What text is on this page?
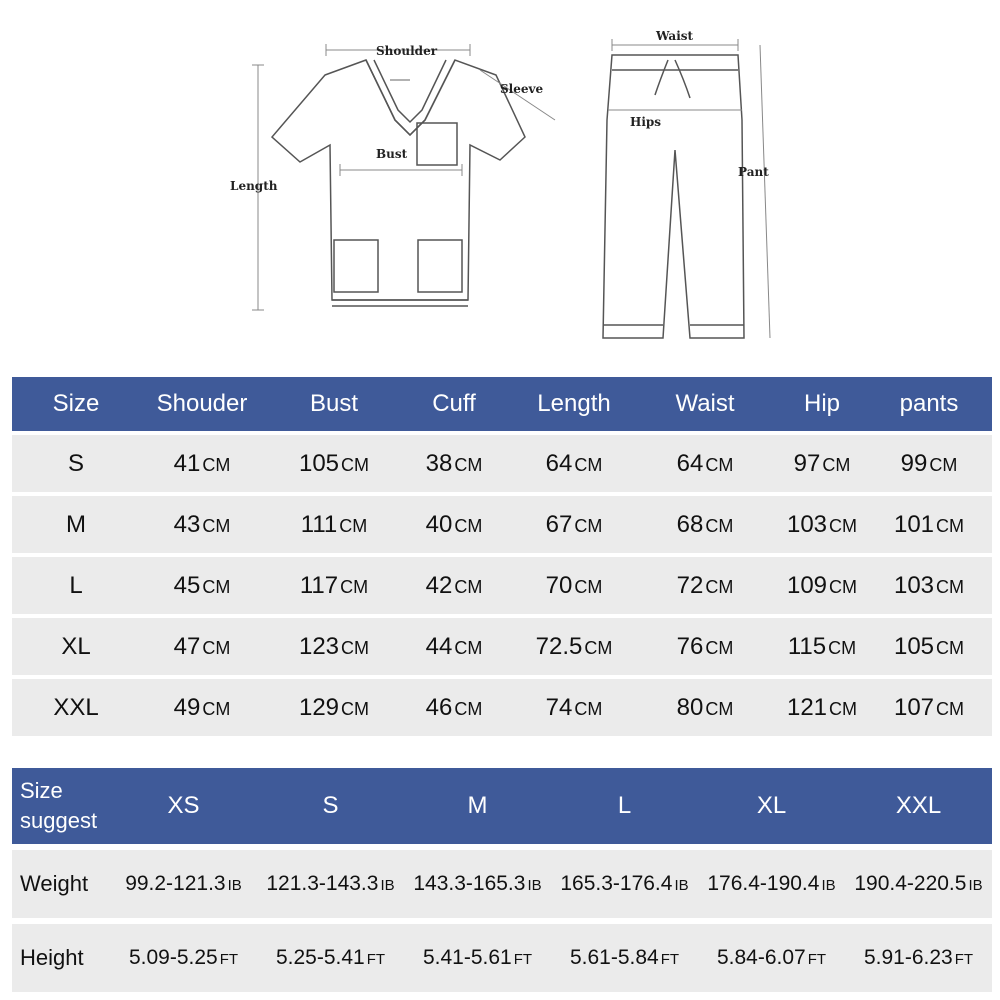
Shoulder
Sleeve
Bust
Length
Waist
Hips
Pant
Size	Shouder	Bust	Cuff	Length	Waist	Hip	pants
S	41 CM	105 CM	38 CM	64 CM	64 CM	97 CM	99 CM
M	43 CM	111 CM	40 CM	67 CM	68 CM	103 CM	101 CM
L	45 CM	117 CM	42 CM	70 CM	72 CM	109 CM	103 CM
XL	47 CM	123 CM	44 CM	72.5 CM	76 CM	115 CM	105 CM
XXL	49 CM	129 CM	46 CM	74 CM	80 CM	121 CM	107 CM
Size suggest
XS	S	M	L	XL	XXL
Weight	99.2-121.3 IB	121.3-143.3 IB 143.3-165.3 IB 165.3-176.4 IB 176.4-190.4 IB 190.4-220.5 IB
Height	5.09-5.25 FT	5.25-5.41 FT	5.41-5.61 FT	5.61-5.84 FT	5.84-6.07 FT	5.91-6.23 FT
